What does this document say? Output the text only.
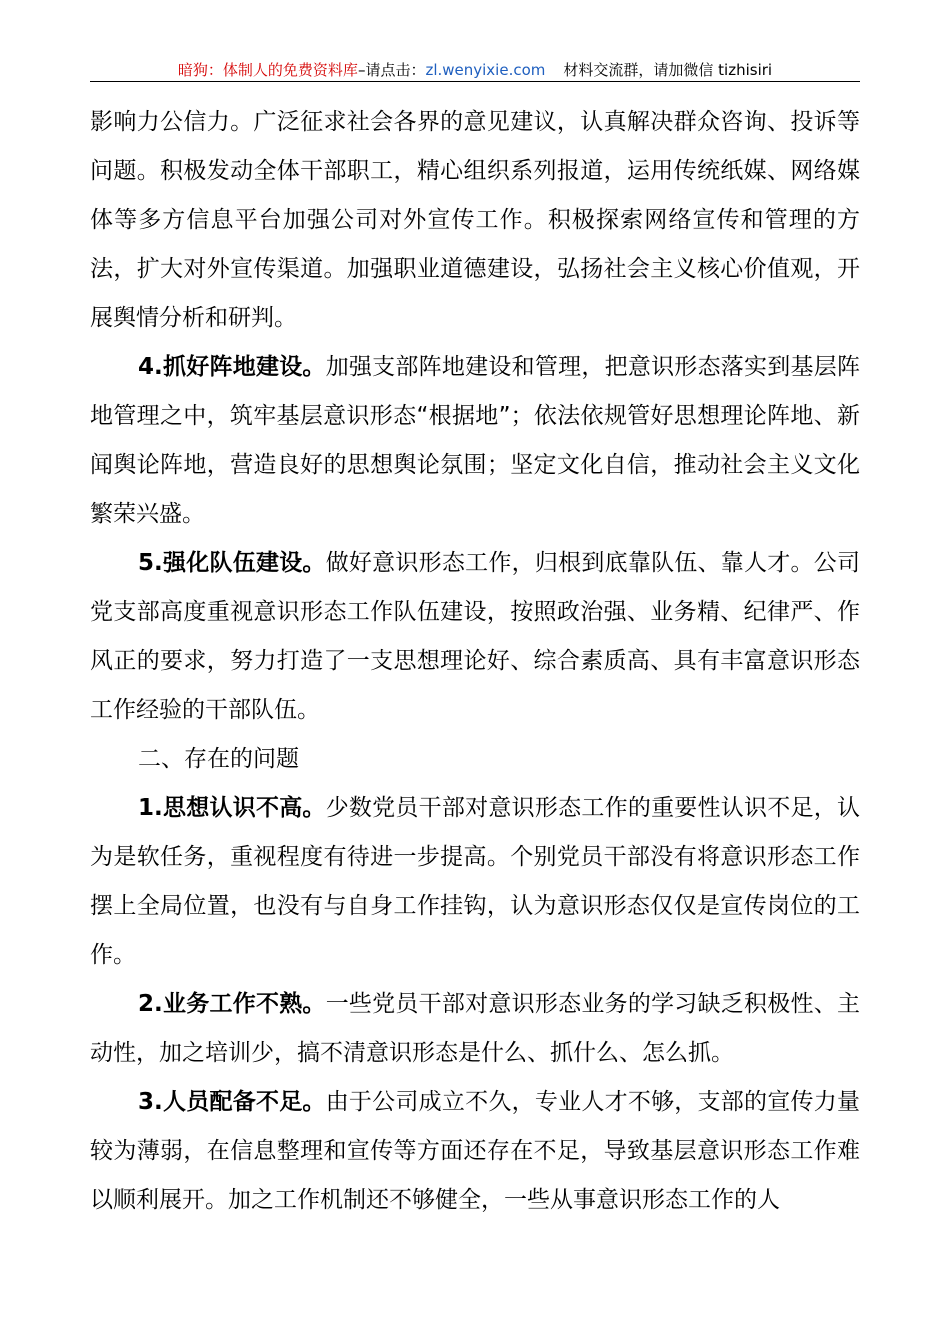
暗狗：体制人的免费资料库–请点击：zl.wenyixie.com 材料交流群，请加微信 tizhisiri

影响力公信力。广泛征求社会各界的意见建议，认真解决群众咨询、投诉等问题。积极发动全体干部职工，精心组织系列报道，运用传统纸媒、网络媒体等多方信息平台加强公司对外宣传工作。积极探索网络宣传和管理的方法，扩大对外宣传渠道。加强职业道德建设，弘扬社会主义核心价值观，开展舆情分析和研判。

4.抓好阵地建设。加强支部阵地建设和管理，把意识形态落实到基层阵地管理之中，筑牢基层意识形态“根据地”；依法依规管好思想理论阵地、新闻舆论阵地，营造良好的思想舆论氛围；坚定文化自信，推动社会主义文化繁荣兴盛。

5.强化队伍建设。做好意识形态工作，归根到底靠队伍、靠人才。公司党支部高度重视意识形态工作队伍建设，按照政治强、业务精、纪律严、作风正的要求，努力打造了一支思想理论好、综合素质高、具有丰富意识形态工作经验的干部队伍。

二、存在的问题

1.思想认识不高。少数党员干部对意识形态工作的重要性认识不足，认为是软任务，重视程度有待进一步提高。个别党员干部没有将意识形态工作摆上全局位置，也没有与自身工作挂钩，认为意识形态仅仅是宣传岗位的工作。

2.业务工作不熟。一些党员干部对意识形态业务的学习缺乏积极性、主动性，加之培训少，搞不清意识形态是什么、抓什么、怎么抓。

3.人员配备不足。由于公司成立不久，专业人才不够，支部的宣传力量较为薄弱，在信息整理和宣传等方面还存在不足，导致基层意识形态工作难以顺利展开。加之工作机制还不够健全，一些从事意识形态工作的人
